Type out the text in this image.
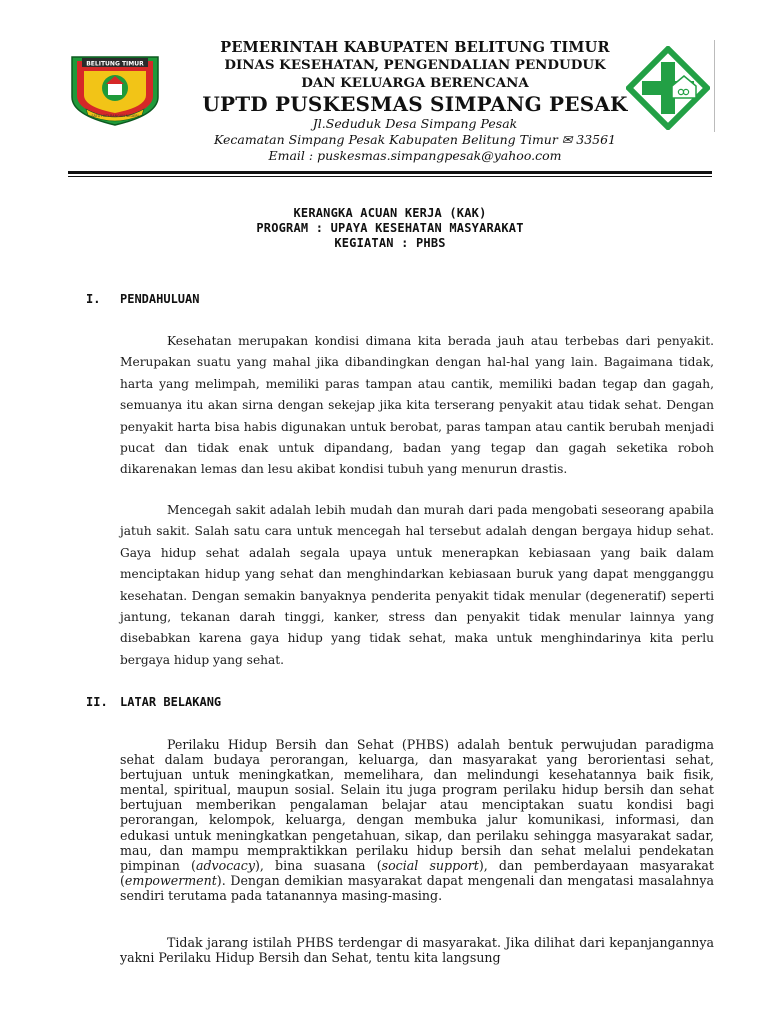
BELITUNG TIMUR
SATU HATI BANGUN NEGERI
PEMERINTAH KABUPATEN BELITUNG TIMUR
DINAS KESEHATAN, PENGENDALIAN PENDUDUK
DAN KELUARGA BERENCANA
UPTD PUSKESMAS SIMPANG PESAK
Jl.Seduduk Desa Simpang Pesak
Kecamatan Simpang Pesak Kabupaten Belitung Timur ✉ 33561
Email : puskesmas.simpangpesak@yahoo.com
KERANGKA ACUAN KERJA (KAK)
PROGRAM : UPAYA KESEHATAN MASYARAKAT
KEGIATAN : PHBS
I. PENDAHULUAN

Kesehatan merupakan kondisi dimana kita berada jauh atau terbebas dari penyakit. Merupakan suatu yang mahal jika dibandingkan dengan hal-hal yang lain. Bagaimana tidak, harta yang melimpah, memiliki paras tampan atau cantik, memiliki badan tegap dan gagah, semuanya itu akan sirna dengan sekejap jika kita terserang penyakit atau tidak sehat. Dengan penyakit harta bisa habis digunakan untuk berobat, paras tampan atau cantik berubah menjadi pucat dan tidak enak untuk dipandang, badan yang tegap dan gagah seketika roboh dikarenakan lemas dan lesu akibat kondisi tubuh yang menurun drastis.

Mencegah sakit adalah lebih mudah dan murah dari pada mengobati seseorang apabila jatuh sakit. Salah satu cara untuk mencegah hal tersebut adalah dengan bergaya hidup sehat. Gaya hidup sehat adalah segala upaya untuk menerapkan kebiasaan yang baik dalam menciptakan hidup yang sehat dan menghindarkan kebiasaan buruk yang dapat mengganggu kesehatan. Dengan semakin banyaknya penderita penyakit tidak menular (degeneratif) seperti jantung, tekanan darah tinggi, kanker, stress dan penyakit tidak menular lainnya yang disebabkan karena gaya hidup yang tidak sehat, maka untuk menghindarinya kita perlu bergaya hidup yang sehat.

II. LATAR BELAKANG

Perilaku Hidup Bersih dan Sehat (PHBS) adalah bentuk perwujudan paradigma sehat dalam budaya perorangan, keluarga, dan masyarakat yang berorientasi sehat, bertujuan untuk meningkatkan, memelihara, dan melindungi kesehatannya baik fisik, mental, spiritual, maupun sosial. Selain itu juga program perilaku hidup bersih dan sehat bertujuan memberikan pengalaman belajar atau menciptakan suatu kondisi bagi perorangan, kelompok, keluarga, dengan membuka jalur komunikasi, informasi, dan edukasi untuk meningkatkan pengetahuan, sikap, dan perilaku sehingga masyarakat sadar, mau, dan mampu mempraktikkan perilaku hidup bersih dan sehat melalui pendekatan pimpinan (advocacy), bina suasana (social support), dan pemberdayaan masyarakat (empowerment). Dengan demikian masyarakat dapat mengenali dan mengatasi masalahnya sendiri terutama pada tatanannya masing-masing.

Tidak jarang istilah PHBS terdengar di masyarakat. Jika dilihat dari kepanjangannya yakni Perilaku Hidup Bersih dan Sehat, tentu kita langsung
